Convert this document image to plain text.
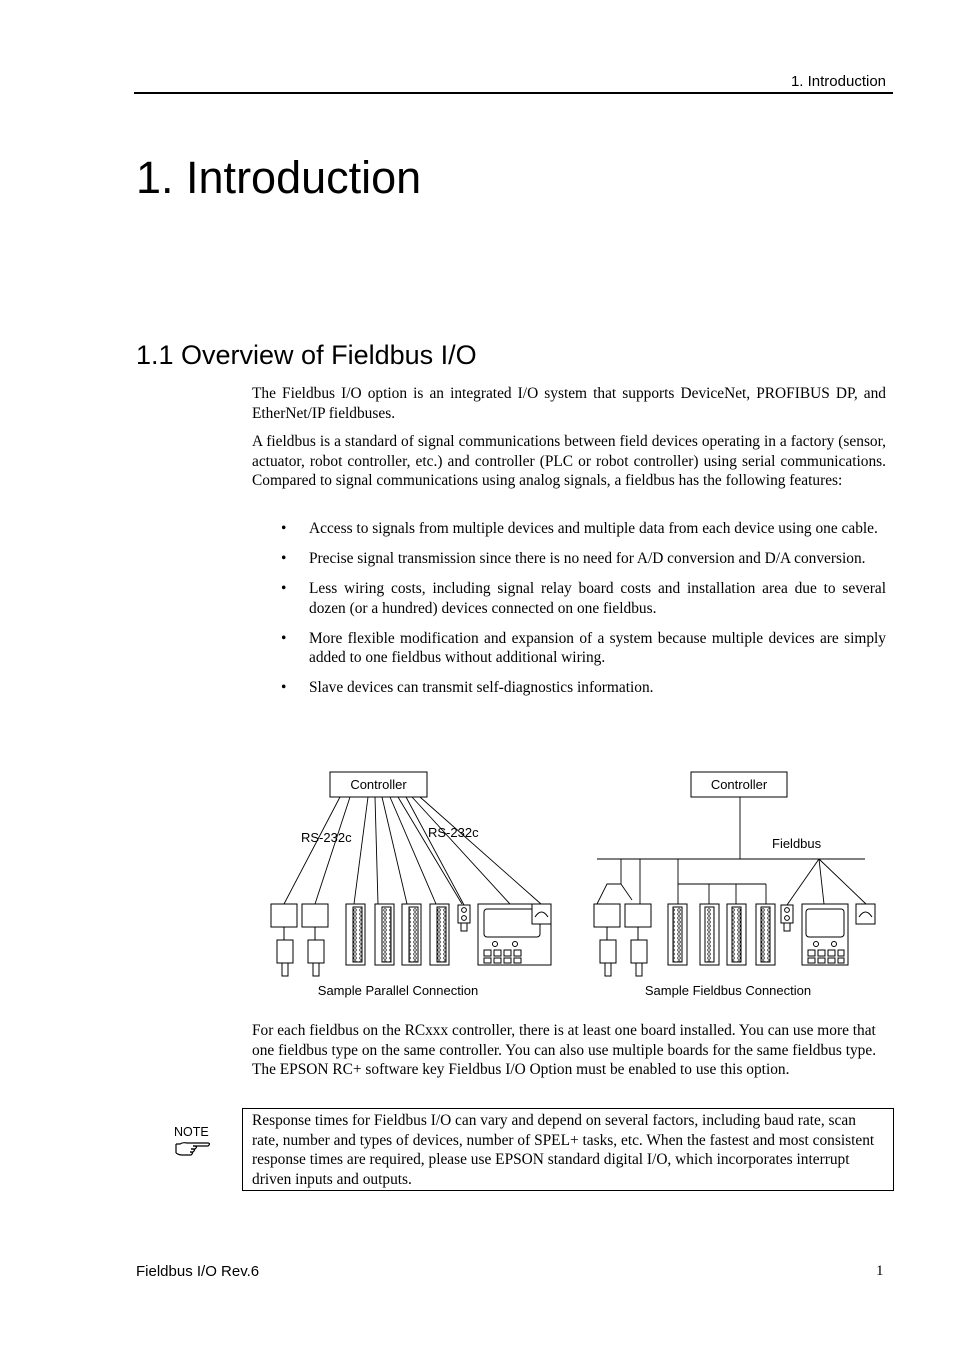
1. Introduction
1. Introduction
1.1 Overview of Fieldbus I/O

The Fieldbus I/O option is an integrated I/O system that supports DeviceNet, PROFIBUS DP, and EtherNet/IP fieldbuses.

A fieldbus is a standard of signal communications between field devices operating in a factory (sensor, actuator, robot controller, etc.) and controller (PLC or robot controller) using serial communications. Compared to signal communications using analog signals, a fieldbus has the following features:

• Access to signals from multiple devices and multiple data from each device using one cable.
• Precise signal transmission since there is no need for A/D conversion and D/A conversion.
• Less wiring costs, including signal relay board costs and installation area due to several dozen (or a hundred) devices connected on one fieldbus.
• More flexible modification and expansion of a system because multiple devices are simply added to one fieldbus without additional wiring.
• Slave devices can transmit self-diagnostics information.
Controller
RS-232c	RS-232c
Sample Parallel Connection
Controller
Fieldbus
Sample Fieldbus Connection

For each fieldbus on the RCxxx controller, there is at least one board installed. You can use more that one fieldbus type on the same controller. You can also use multiple boards for the same fieldbus type. The EPSON RC+ software key Fieldbus I/O Option must be enabled to use this option.

NOTE
Response times for Fieldbus I/O can vary and depend on several factors, including baud rate, scan rate, number and types of devices, number of SPEL+ tasks, etc. When the fastest and most consistent response times are required, please use EPSON standard digital I/O, which incorporates interrupt driven inputs and outputs.
Fieldbus I/O Rev.6	1
